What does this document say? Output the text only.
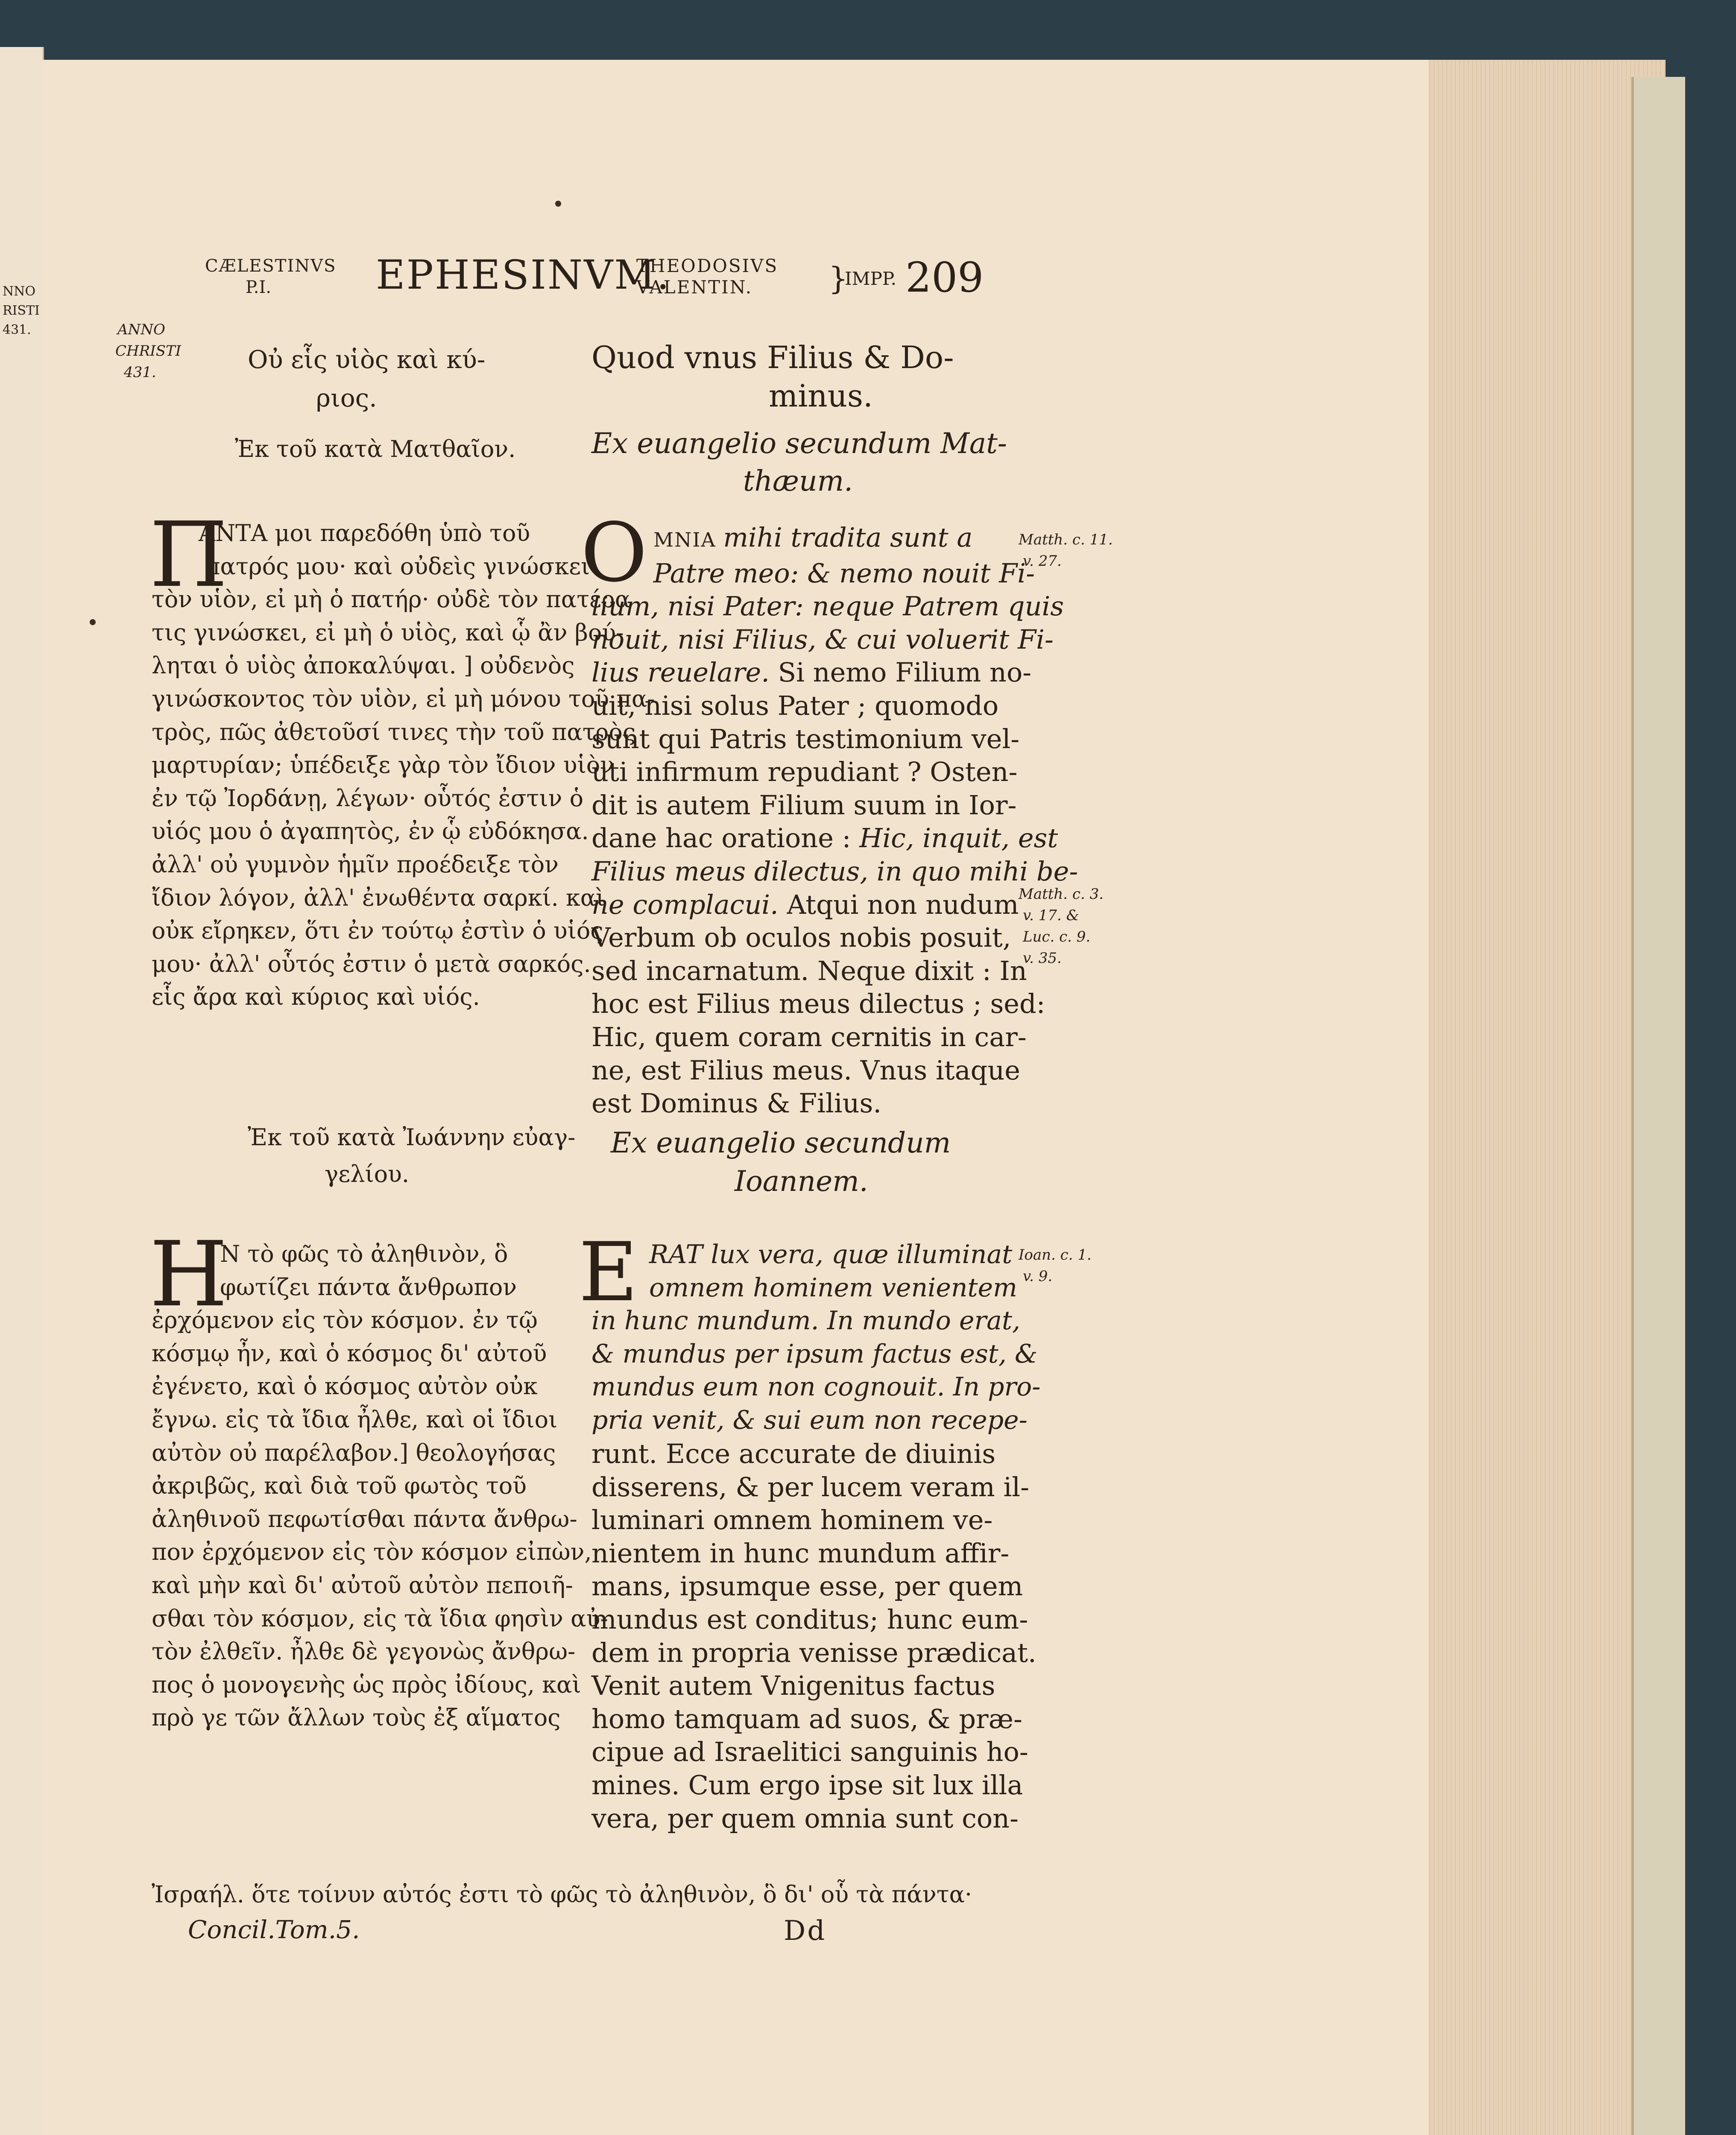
NNO
RISTI
431.
CÆLESTINVS
P.I.	EPHESINVM.
THEODOSIVS
VALENTIN. }
IMPP. 209
ANNO
CHRISTI
431.	Οὐ εἷς υἱὸς καὶ κύ-
ριος.
Quod vnus Filius & Do-
minus.
Ἐκ τοῦ κατὰ Ματθαῖον.	Ex euangelio secundum Mat-
thæum.
Π
ΑΝΤΑ μοι παρεδόθη ὑπὸ τοῦ
πατρός μου· καὶ οὐδεὶς γινώσκει
τὸν υἱὸν, εἰ μὴ ὁ πατήρ· οὐδὲ τὸν πατέρα
τις γινώσκει, εἰ μὴ ὁ υἱὸς, καὶ ᾧ ἂν βού-
ληται ὁ υἱὸς ἀποκαλύψαι. ] οὐδενὸς
γινώσκοντος τὸν υἱὸν, εἰ μὴ μόνου τοῦ πα-
τρὸς, πῶς ἀθετοῦσί τινες τὴν τοῦ πατρὸς
μαρτυρίαν; ὑπέδειξε γὰρ τὸν ἴδιον υἱὸν
ἐν τῷ Ἰορδάνῃ, λέγων· οὗτός ἐστιν ὁ
υἱός μου ὁ ἀγαπητὸς, ἐν ᾧ εὐδόκησα.
ἀλλ' οὐ γυμνὸν ἡμῖν προέδειξε τὸν
ἴδιον λόγον, ἀλλ' ἐνωθέντα σαρκί. καὶ
οὐκ εἴρηκεν, ὅτι ἐν τούτῳ ἐστὶν ὁ υἱός
μου· ἀλλ' οὗτός ἐστιν ὁ μετὰ σαρκός.
εἷς ἄρα καὶ κύριος καὶ υἱός.
O MNIA mihi tradita sunt a
Patre meo: & nemo nouit Fi-
lium, nisi Pater: neque Patrem quis
nouit, nisi Filius, & cui voluerit Fi-
lius reuelare. Si nemo Filium no-
uit, nisi solus Pater ; quomodo
sunt qui Patris testimonium vel-
uti infirmum repudiant ? Osten-
dit is autem Filium suum in Ior-
dane hac oratione : Hic, inquit, est
Filius meus dilectus, in quo mihi be-
ne complacui. Atqui non nudum
Verbum ob oculos nobis posuit,
sed incarnatum. Neque dixit : In
hoc est Filius meus dilectus ; sed:
Hic, quem coram cernitis in car-
ne, est Filius meus. Vnus itaque
est Dominus & Filius.
Matth. c. 11.
v. 27.
Matth. c. 3.
v. 17. &
Luc. c. 9.
v. 35.
Ἐκ τοῦ κατὰ Ἰωάννην εὐαγ-
γελίου.
Ex euangelio secundum
Ioannem.
Η
Ν τὸ φῶς τὸ ἀληθινὸν, ὃ
φωτίζει πάντα ἄνθρωπον
ἐρχόμενον εἰς τὸν κόσμον. ἐν τῷ
κόσμῳ ἦν, καὶ ὁ κόσμος δι' αὐτοῦ
ἐγένετο, καὶ ὁ κόσμος αὐτὸν οὐκ
ἔγνω. εἰς τὰ ἴδια ἦλθε, καὶ οἱ ἴδιοι
αὐτὸν οὐ παρέλαβον.] θεολογήσας
ἀκριβῶς, καὶ διὰ τοῦ φωτὸς τοῦ
ἀληθινοῦ πεφωτίσθαι πάντα ἄνθρω-
πον ἐρχόμενον εἰς τὸν κόσμον εἰπὼν,
καὶ μὴν καὶ δι' αὐτοῦ αὐτὸν πεποιῆ-
σθαι τὸν κόσμον, εἰς τὰ ἴδια φησὶν αὐ-
τὸν ἐλθεῖν. ἦλθε δὲ γεγονὼς ἄνθρω-
πος ὁ μονογενὴς ὡς πρὸς ἰδίους, καὶ
πρὸ γε τῶν ἄλλων τοὺς ἐξ αἵματος
Ἰσραήλ. ὅτε τοίνυν αὐτός ἐστι τὸ φῶς τὸ ἀληθινὸν, ὃ δι' οὗ τὰ πάντα·
E RAT lux vera, quæ illuminat
omnem hominem venientem
in hunc mundum. In mundo erat,
& mundus per ipsum factus est, &
mundus eum non cognouit. In pro-
pria venit, & sui eum non recepe-
runt. Ecce accurate de diuinis
disserens, & per lucem veram il-
luminari omnem hominem ve-
nientem in hunc mundum affir-
mans, ipsumque esse, per quem
mundus est conditus; hunc eum-
dem in propria venisse prædicat.
Venit autem Vnigenitus factus
homo tamquam ad suos, & præ-
cipue ad Israelitici sanguinis ho-
mines. Cum ergo ipse sit lux illa
vera, per quem omnia sunt con-
Ioan. c. 1.
v. 9.
Concil.Tom.5.	Dd
